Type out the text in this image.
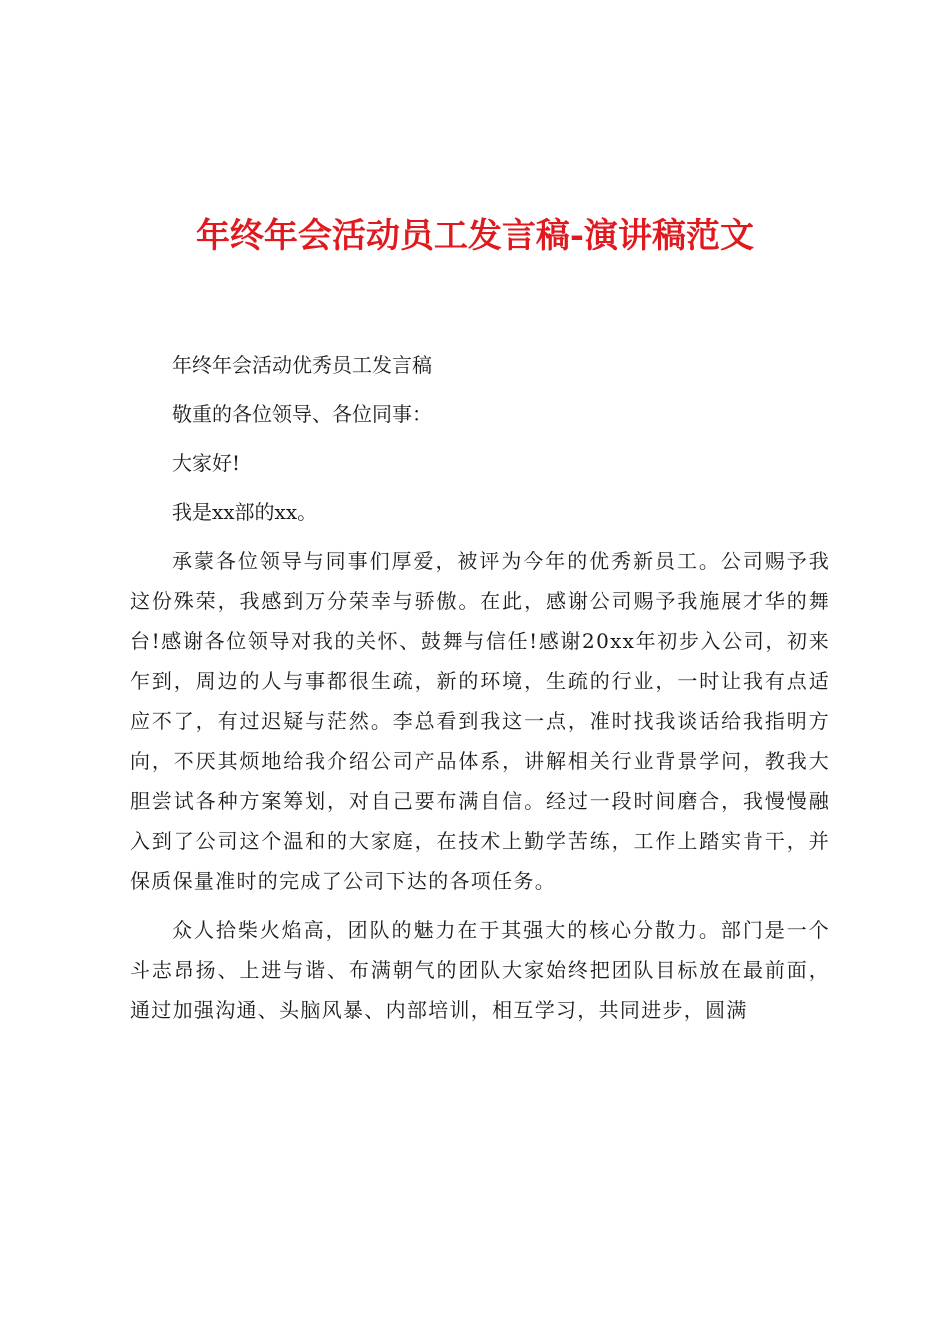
年终年会活动员工发言稿-演讲稿范文
年终年会活动优秀员工发言稿
敬重的各位领导、各位同事：
大家好!
我是xx部的xx。

承蒙各位领导与同事们厚爱，被评为今年的优秀新员工。公司赐予我这份殊荣，我感到万分荣幸与骄傲。在此，感谢公司赐予我施展才华的舞台!感谢各位领导对我的关怀、鼓舞与信任!感谢20xx年初步入公司，初来乍到，周边的人与事都很生疏，新的环境，生疏的行业，一时让我有点适应不了，有过迟疑与茫然。李总看到我这一点，准时找我谈话给我指明方向，不厌其烦地给我介绍公司产品体系，讲解相关行业背景学问，教我大胆尝试各种方案筹划，对自己要布满自信。经过一段时间磨合，我慢慢融入到了公司这个温和的大家庭，在技术上勤学苦练，工作上踏实肯干，并保质保量准时的完成了公司下达的各项任务。

众人拾柴火焰高，团队的魅力在于其强大的核心分散力。部门是一个斗志昂扬、上进与谐、布满朝气的团队大家始终把团队目标放在最前面，通过加强沟通、头脑风暴、内部培训，相互学习，共同进步，圆满
